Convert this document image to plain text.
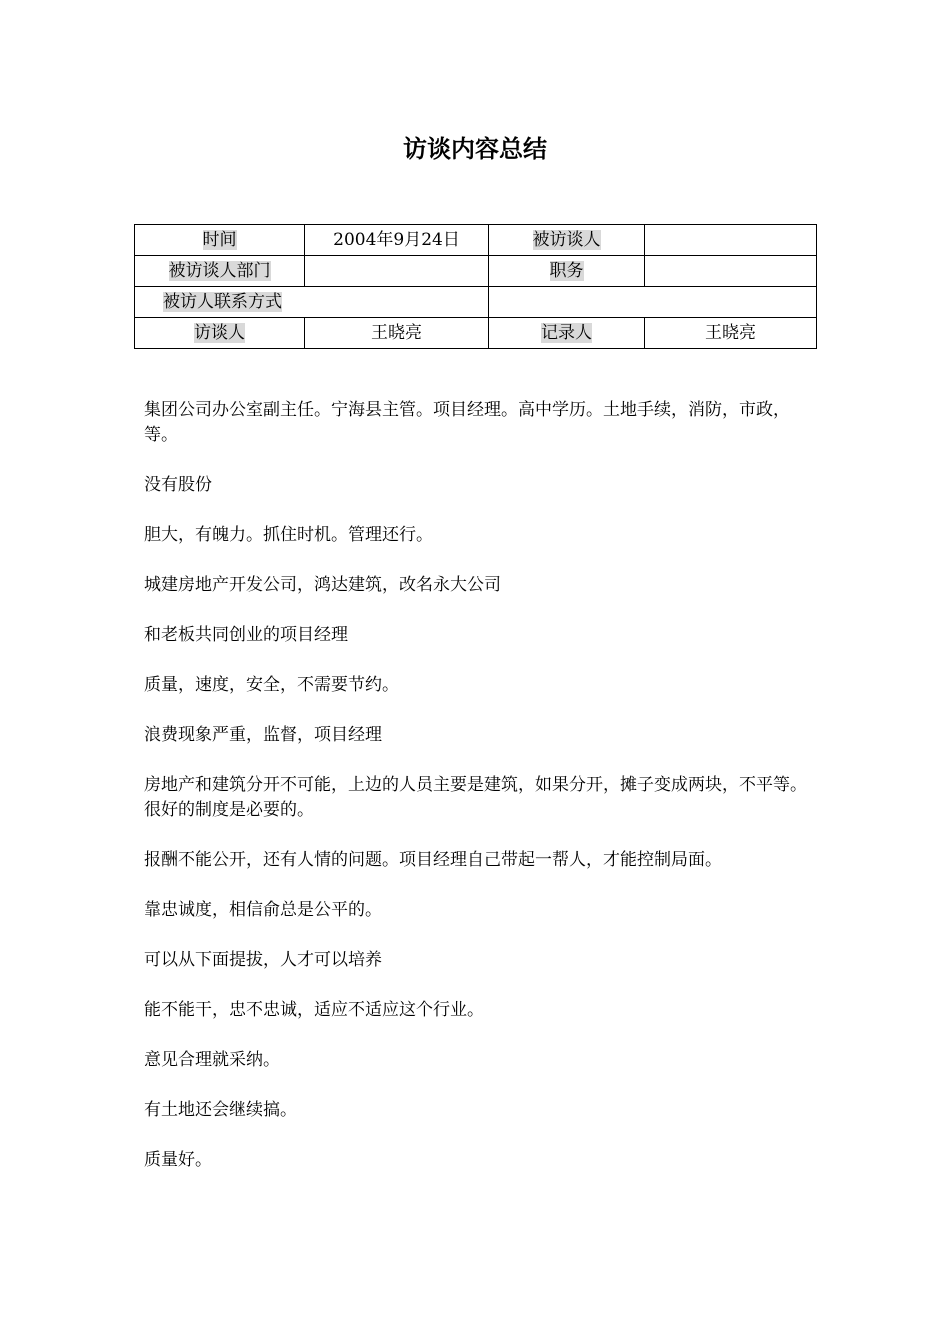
访谈内容总结
时间	2004年9月24日	被访谈人	
被访谈人部门		职务	
被访人联系方式			
访谈人	王晓亮	记录人	王晓亮

集团公司办公室副主任。宁海县主管。项目经理。高中学历。土地手续，消防，市政，等。

没有股份

胆大，有魄力。抓住时机。管理还行。

城建房地产开发公司，鸿达建筑，改名永大公司

和老板共同创业的项目经理

质量，速度，安全，不需要节约。

浪费现象严重，监督，项目经理

房地产和建筑分开不可能，上边的人员主要是建筑，如果分开，摊子变成两块，不平等。很好的制度是必要的。

报酬不能公开，还有人情的问题。项目经理自己带起一帮人，才能控制局面。

靠忠诚度，相信俞总是公平的。

可以从下面提拔，人才可以培养

能不能干，忠不忠诚，适应不适应这个行业。

意见合理就采纳。

有土地还会继续搞。

质量好。
